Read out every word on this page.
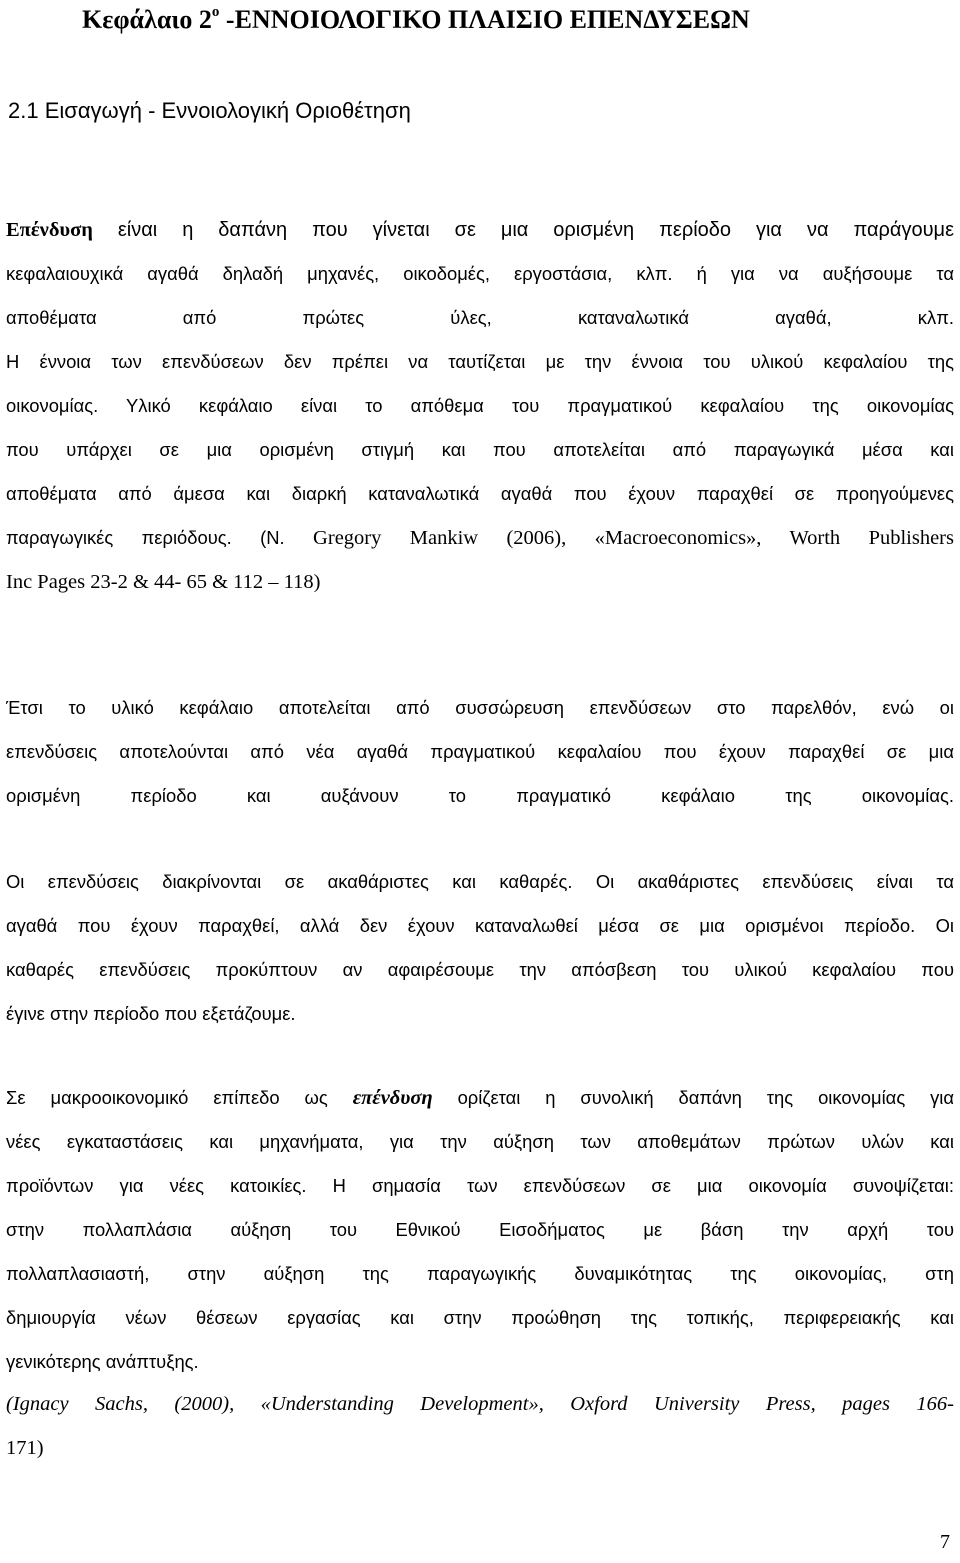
Κεφάλαιο $2^o$ -ΕΝΝΟΙΟΛΟΓΙΚΟ ΠΛΑΙΣΙΟ ΕΠΕΝΔΥΣΕΩΝ
2.1 Εισαγωγή - Εννοιολογική Οριοθέτηση
Επένδυση είναι η δαπάνη που γίνεται σε μια ορισμένη περίοδο για να παράγουμε
κεφαλαιουχικά αγαθά δηλαδή μηχανές, οικοδομές, εργοστάσια, κλπ. ή για να αυξήσουμε τα
αποθέματα από πρώτες ύλες, καταναλωτικά αγαθά, κλπ.
Η έννοια των επενδύσεων δεν πρέπει να ταυτίζεται με την έννοια του υλικού κεφαλαίου της
οικονομίας. Υλικό κεφάλαιο είναι το απόθεμα του πραγματικού κεφαλαίου της οικονομίας
που υπάρχει σε μια ορισμένη στιγμή και που αποτελείται από παραγωγικά μέσα και
αποθέματα από άμεσα και διαρκή καταναλωτικά αγαθά που έχουν παραχθεί σε προηγούμενες
παραγωγικές περιόδους. (N. Gregory Mankiw (2006), «Macroeconomics», Worth Publishers
Inc Pages 23-2 & 44- 65 & 112 – 118)
Έτσι το υλικό κεφάλαιο αποτελείται από συσσώρευση επενδύσεων στο παρελθόν, ενώ οι
επενδύσεις αποτελούνται από νέα αγαθά πραγματικού κεφαλαίου που έχουν παραχθεί σε μια
ορισμένη περίοδο και αυξάνουν το πραγματικό κεφάλαιο της οικονομίας.
Οι επενδύσεις διακρίνονται σε ακαθάριστες και καθαρές. Οι ακαθάριστες επενδύσεις είναι τα
αγαθά που έχουν παραχθεί, αλλά δεν έχουν καταναλωθεί μέσα σε μια ορισμένοι περίοδο. Οι
καθαρές επενδύσεις προκύπτουν αν αφαιρέσουμε την απόσβεση του υλικού κεφαλαίου που
έγινε στην περίοδο που εξετάζουμε.
Σε μακροοικονομικό επίπεδο ως επένδυση ορίζεται η συνολική δαπάνη της οικονομίας για
νέες εγκαταστάσεις και μηχανήματα, για την αύξηση των αποθεμάτων πρώτων υλών και
προϊόντων για νέες κατοικίες. Η σημασία των επενδύσεων σε μια οικονομία συνοψίζεται:
στην πολλαπλάσια αύξηση του Εθνικού Εισοδήματος με βάση την αρχή του
πολλαπλασιαστή, στην αύξηση της παραγωγικής δυναμικότητας της οικονομίας, στη
δημιουργία νέων θέσεων εργασίας και στην προώθηση της τοπικής, περιφερειακής και
γενικότερης ανάπτυξης.
(Ignacy Sachs, (2000), «Understanding Development», Oxford University Press, pages 166-
171)
7
